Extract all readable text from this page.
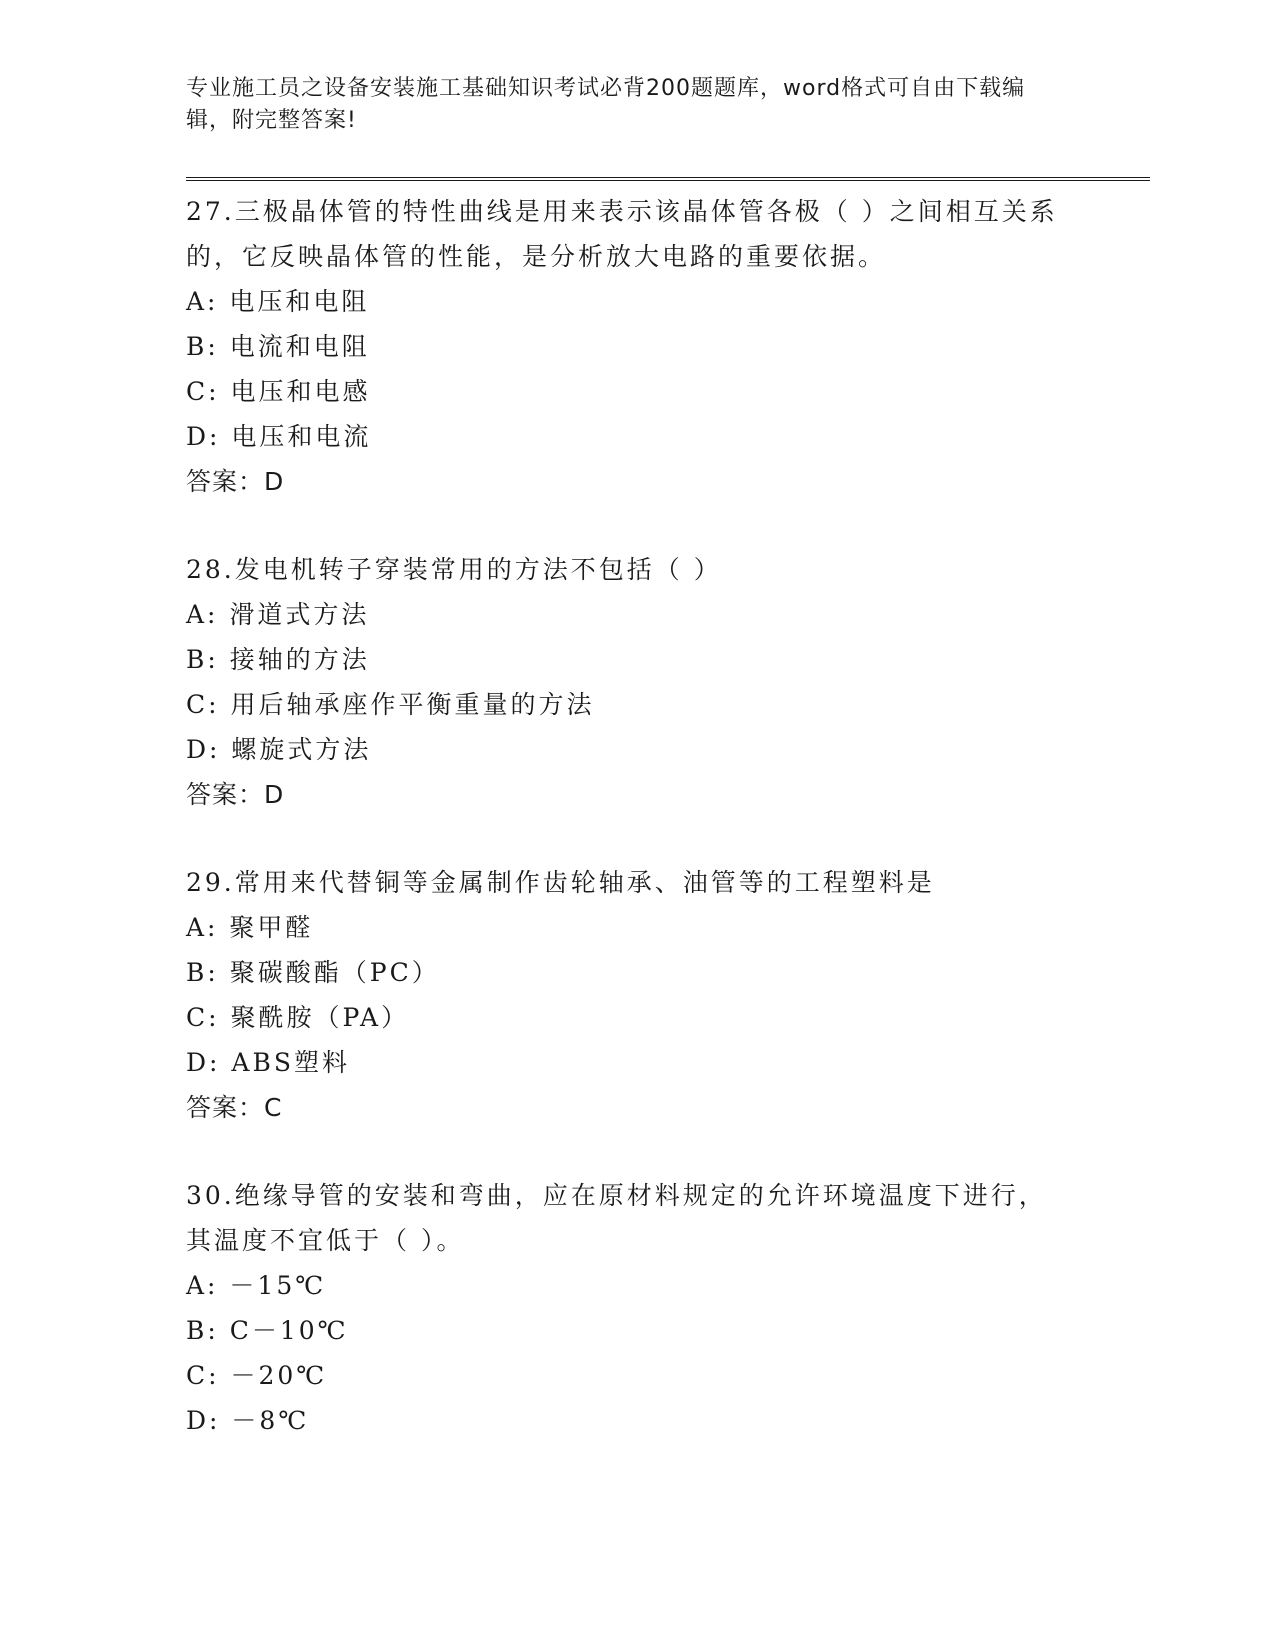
专业施工员之设备安装施工基础知识考试必背200题题库，word格式可自由下载编辑，附完整答案!

27.三极晶体管的特性曲线是用来表示该晶体管各极（ ）之间相互关系的，它反映晶体管的性能，是分析放大电路的重要依据。

A: 电压和电阻
B: 电流和电阻
C: 电压和电感
D: 电压和电流
答案：D

28.发电机转子穿装常用的方法不包括（ ）

A: 滑道式方法
B: 接轴的方法
C: 用后轴承座作平衡重量的方法
D: 螺旋式方法
答案：D

29.常用来代替铜等金属制作齿轮轴承、油管等的工程塑料是

A: 聚甲醛
B: 聚碳酸酯（PC）
C: 聚酰胺（PA）
D: ABS塑料
答案：C

30.绝缘导管的安装和弯曲，应在原材料规定的允许环境温度下进行，其温度不宜低于（ ）。

A: －15℃
B: C－10℃
C: －20℃
D: －8℃
